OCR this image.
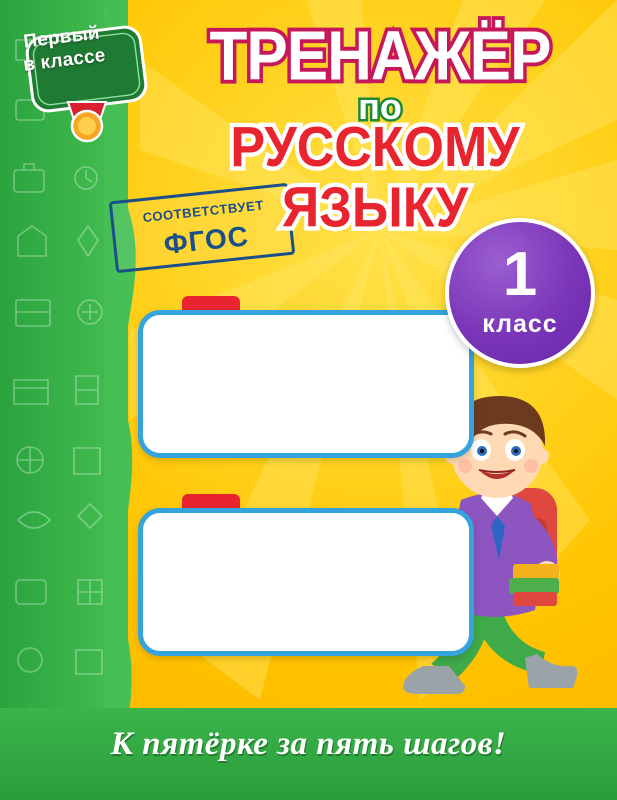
Первый
в классе	ТРЕНАЖЁР
по
РУССКОМУ
ЯЗЫКУ
СООТВЕТСТВУЕТ
ФГОС	1
класс
К пятёрке за пять шагов!
